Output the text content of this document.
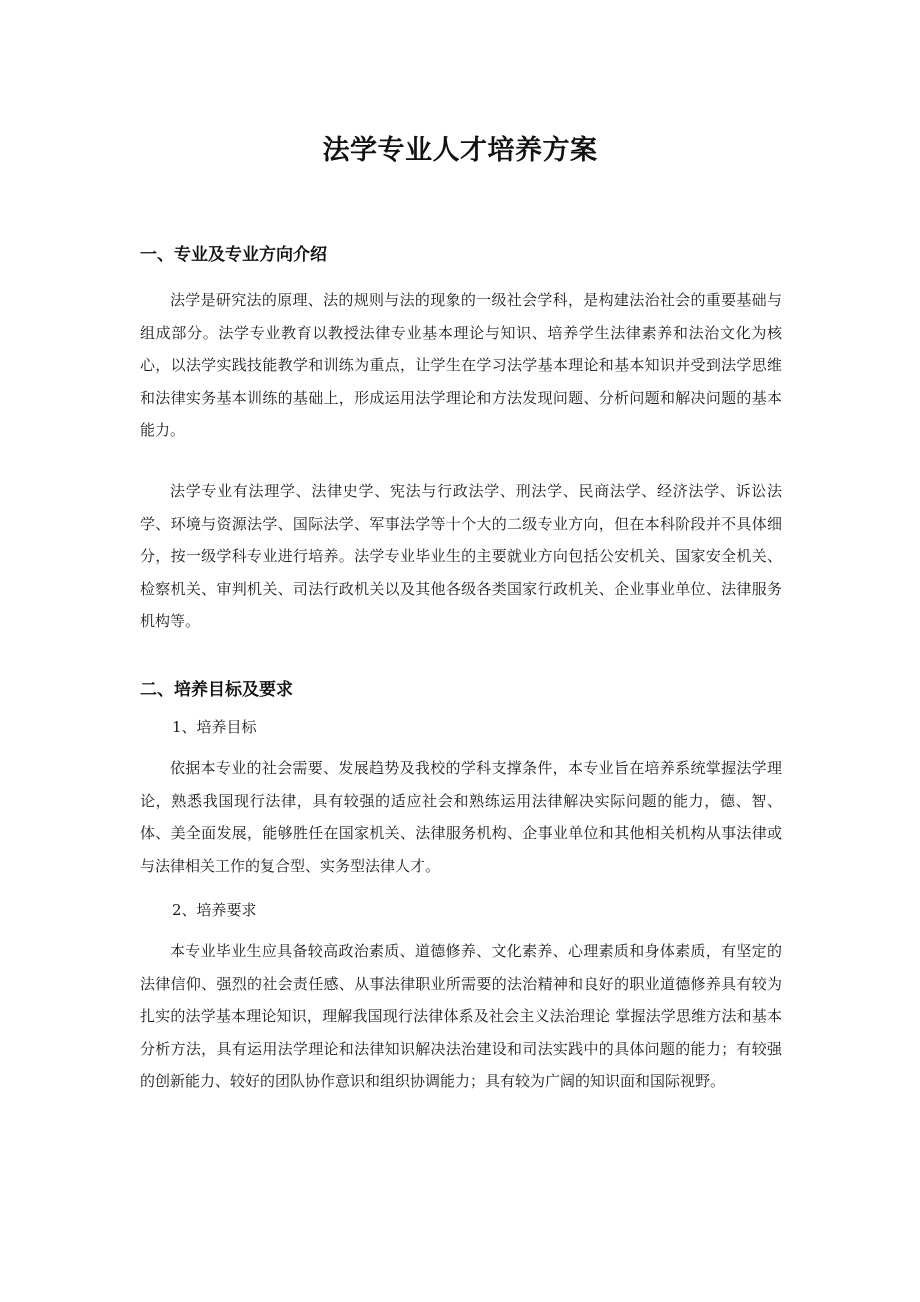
法学专业人才培养方案
一、专业及专业方向介绍
法学是研究法的原理、法的规则与法的现象的一级社会学科，是构建法治社会的重要基础与组成部分。法学专业教育以教授法律专业基本理论与知识、培养学生法律素养和法治文化为核心，以法学实践技能教学和训练为重点，让学生在学习法学基本理论和基本知识并受到法学思维和法律实务基本训练的基础上，形成运用法学理论和方法发现问题、分析问题和解决问题的基本能力。
法学专业有法理学、法律史学、宪法与行政法学、刑法学、民商法学、经济法学、诉讼法学、环境与资源法学、国际法学、军事法学等十个大的二级专业方向，但在本科阶段并不具体细分，按一级学科专业进行培养。法学专业毕业生的主要就业方向包括公安机关、国家安全机关、检察机关、审判机关、司法行政机关以及其他各级各类国家行政机关、企业事业单位、法律服务机构等。
二、培养目标及要求
1、培养目标
依据本专业的社会需要、发展趋势及我校的学科支撑条件，本专业旨在培养系统掌握法学理论，熟悉我国现行法律，具有较强的适应社会和熟练运用法律解决实际问题的能力，德、智、体、美全面发展，能够胜任在国家机关、法律服务机构、企事业单位和其他相关机构从事法律或与法律相关工作的复合型、实务型法律人才。
2、培养要求
本专业毕业生应具备较高政治素质、道德修养、文化素养、心理素质和身体素质，有坚定的法律信仰、强烈的社会责任感、从事法律职业所需要的法治精神和良好的职业道德修养具有较为扎实的法学基本理论知识，理解我国现行法律体系及社会主义法治理论 掌握法学思维方法和基本分析方法，具有运用法学理论和法律知识解决法治建设和司法实践中的具体问题的能力；有较强的创新能力、较好的团队协作意识和组织协调能力；具有较为广阔的知识面和国际视野。
